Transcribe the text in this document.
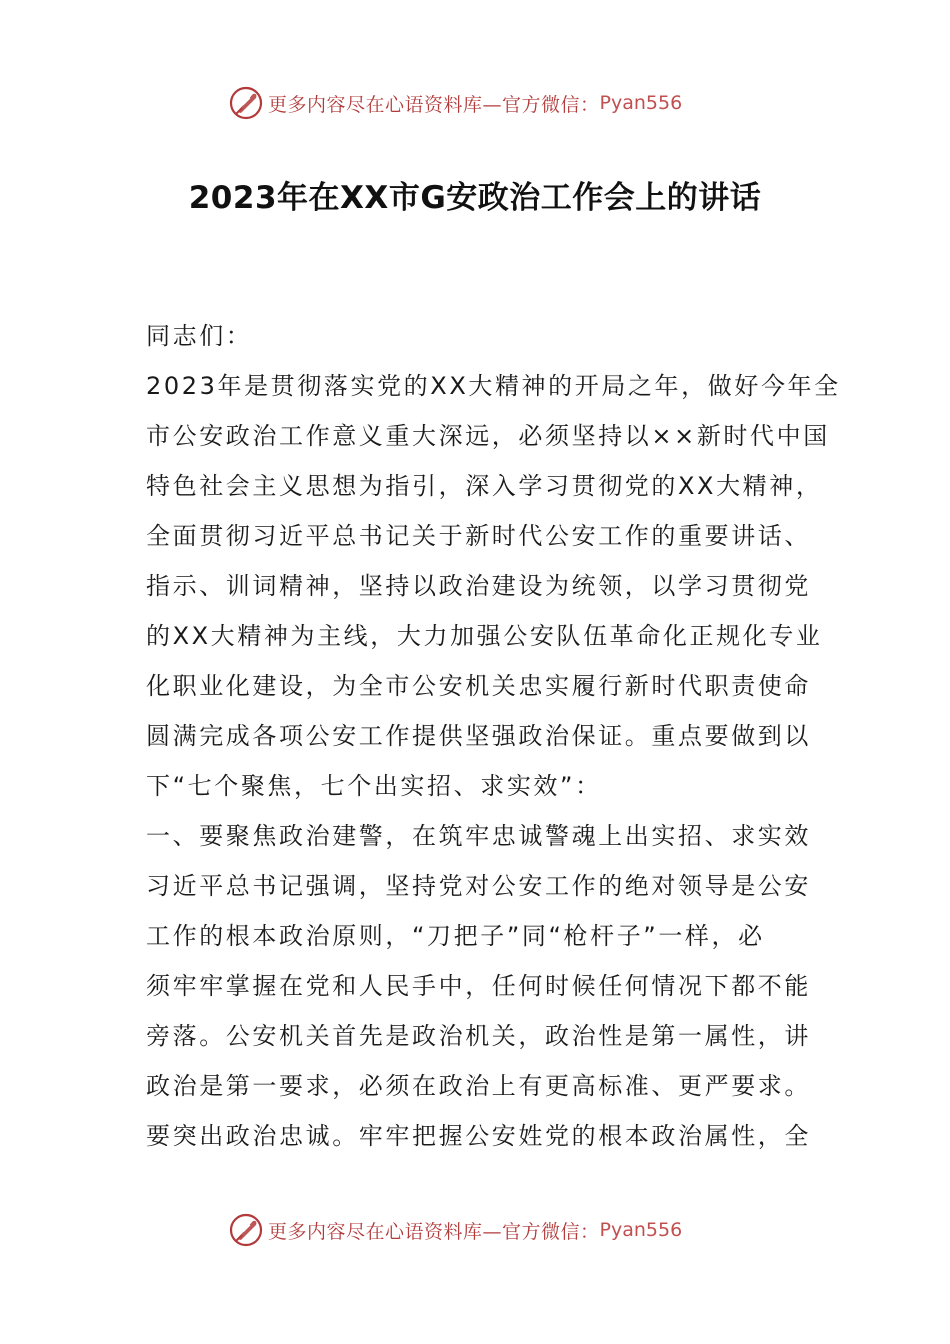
更多内容尽在心语资料库—官方微信： Pyan556
2023年在XX市G安政治工作会上的讲话
同志们：
2023年是贯彻落实党的XX大精神的开局之年，做好今年全
市公安政治工作意义重大深远，必须坚持以××新时代中国
特色社会主义思想为指引，深入学习贯彻党的XX大精神，
全面贯彻习近平总书记关于新时代公安工作的重要讲话、
指示、训词精神，坚持以政治建设为统领，以学习贯彻党
的XX大精神为主线，大力加强公安队伍革命化正规化专业
化职业化建设，为全市公安机关忠实履行新时代职责使命
圆满完成各项公安工作提供坚强政治保证。重点要做到以
下“七个聚焦，七个出实招、求实效”：
一、要聚焦政治建警，在筑牢忠诚警魂上出实招、求实效
习近平总书记强调，坚持党对公安工作的绝对领导是公安
工作的根本政治原则，“刀把子”同“枪杆子”一样，必
须牢牢掌握在党和人民手中，任何时候任何情况下都不能
旁落。公安机关首先是政治机关，政治性是第一属性，讲
政治是第一要求，必须在政治上有更高标准、更严要求。
要突出政治忠诚。牢牢把握公安姓党的根本政治属性，全
更多内容尽在心语资料库—官方微信： Pyan556
